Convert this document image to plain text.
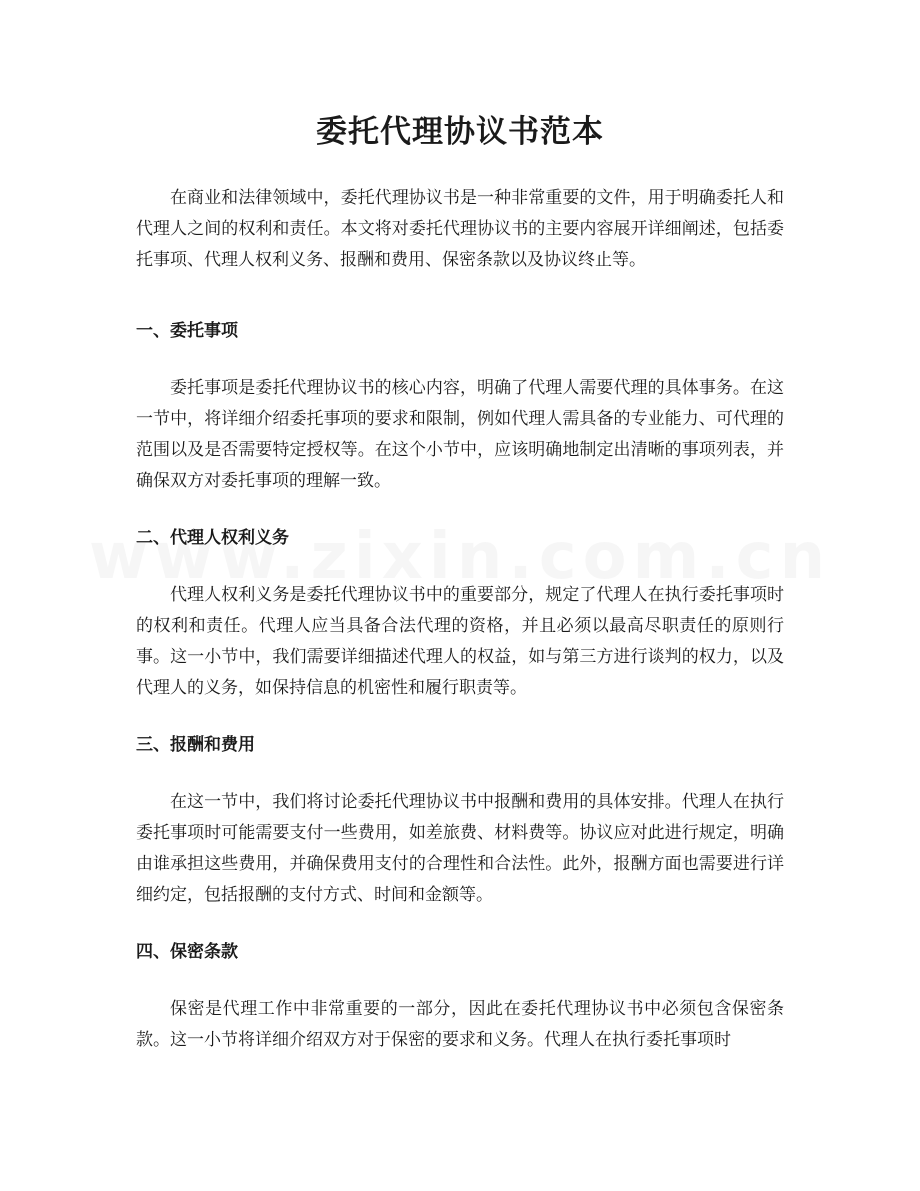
委托代理协议书范本

在商业和法律领域中，委托代理协议书是一种非常重要的文件，用于明确委托人和代理人之间的权利和责任。本文将对委托代理协议书的主要内容展开详细阐述，包括委托事项、代理人权利义务、报酬和费用、保密条款以及协议终止等。

一、委托事项

委托事项是委托代理协议书的核心内容，明确了代理人需要代理的具体事务。在这一节中，将详细介绍委托事项的要求和限制，例如代理人需具备的专业能力、可代理的范围以及是否需要特定授权等。在这个小节中，应该明确地制定出清晰的事项列表，并确保双方对委托事项的理解一致。

二、代理人权利义务

代理人权利义务是委托代理协议书中的重要部分，规定了代理人在执行委托事项时的权利和责任。代理人应当具备合法代理的资格，并且必须以最高尽职责任的原则行事。这一小节中，我们需要详细描述代理人的权益，如与第三方进行谈判的权力，以及代理人的义务，如保持信息的机密性和履行职责等。

三、报酬和费用

在这一节中，我们将讨论委托代理协议书中报酬和费用的具体安排。代理人在执行委托事项时可能需要支付一些费用，如差旅费、材料费等。协议应对此进行规定，明确由谁承担这些费用，并确保费用支付的合理性和合法性。此外，报酬方面也需要进行详细约定，包括报酬的支付方式、时间和金额等。

四、保密条款

保密是代理工作中非常重要的一部分，因此在委托代理协议书中必须包含保密条款。这一小节将详细介绍双方对于保密的要求和义务。代理人在执行委托事项时
